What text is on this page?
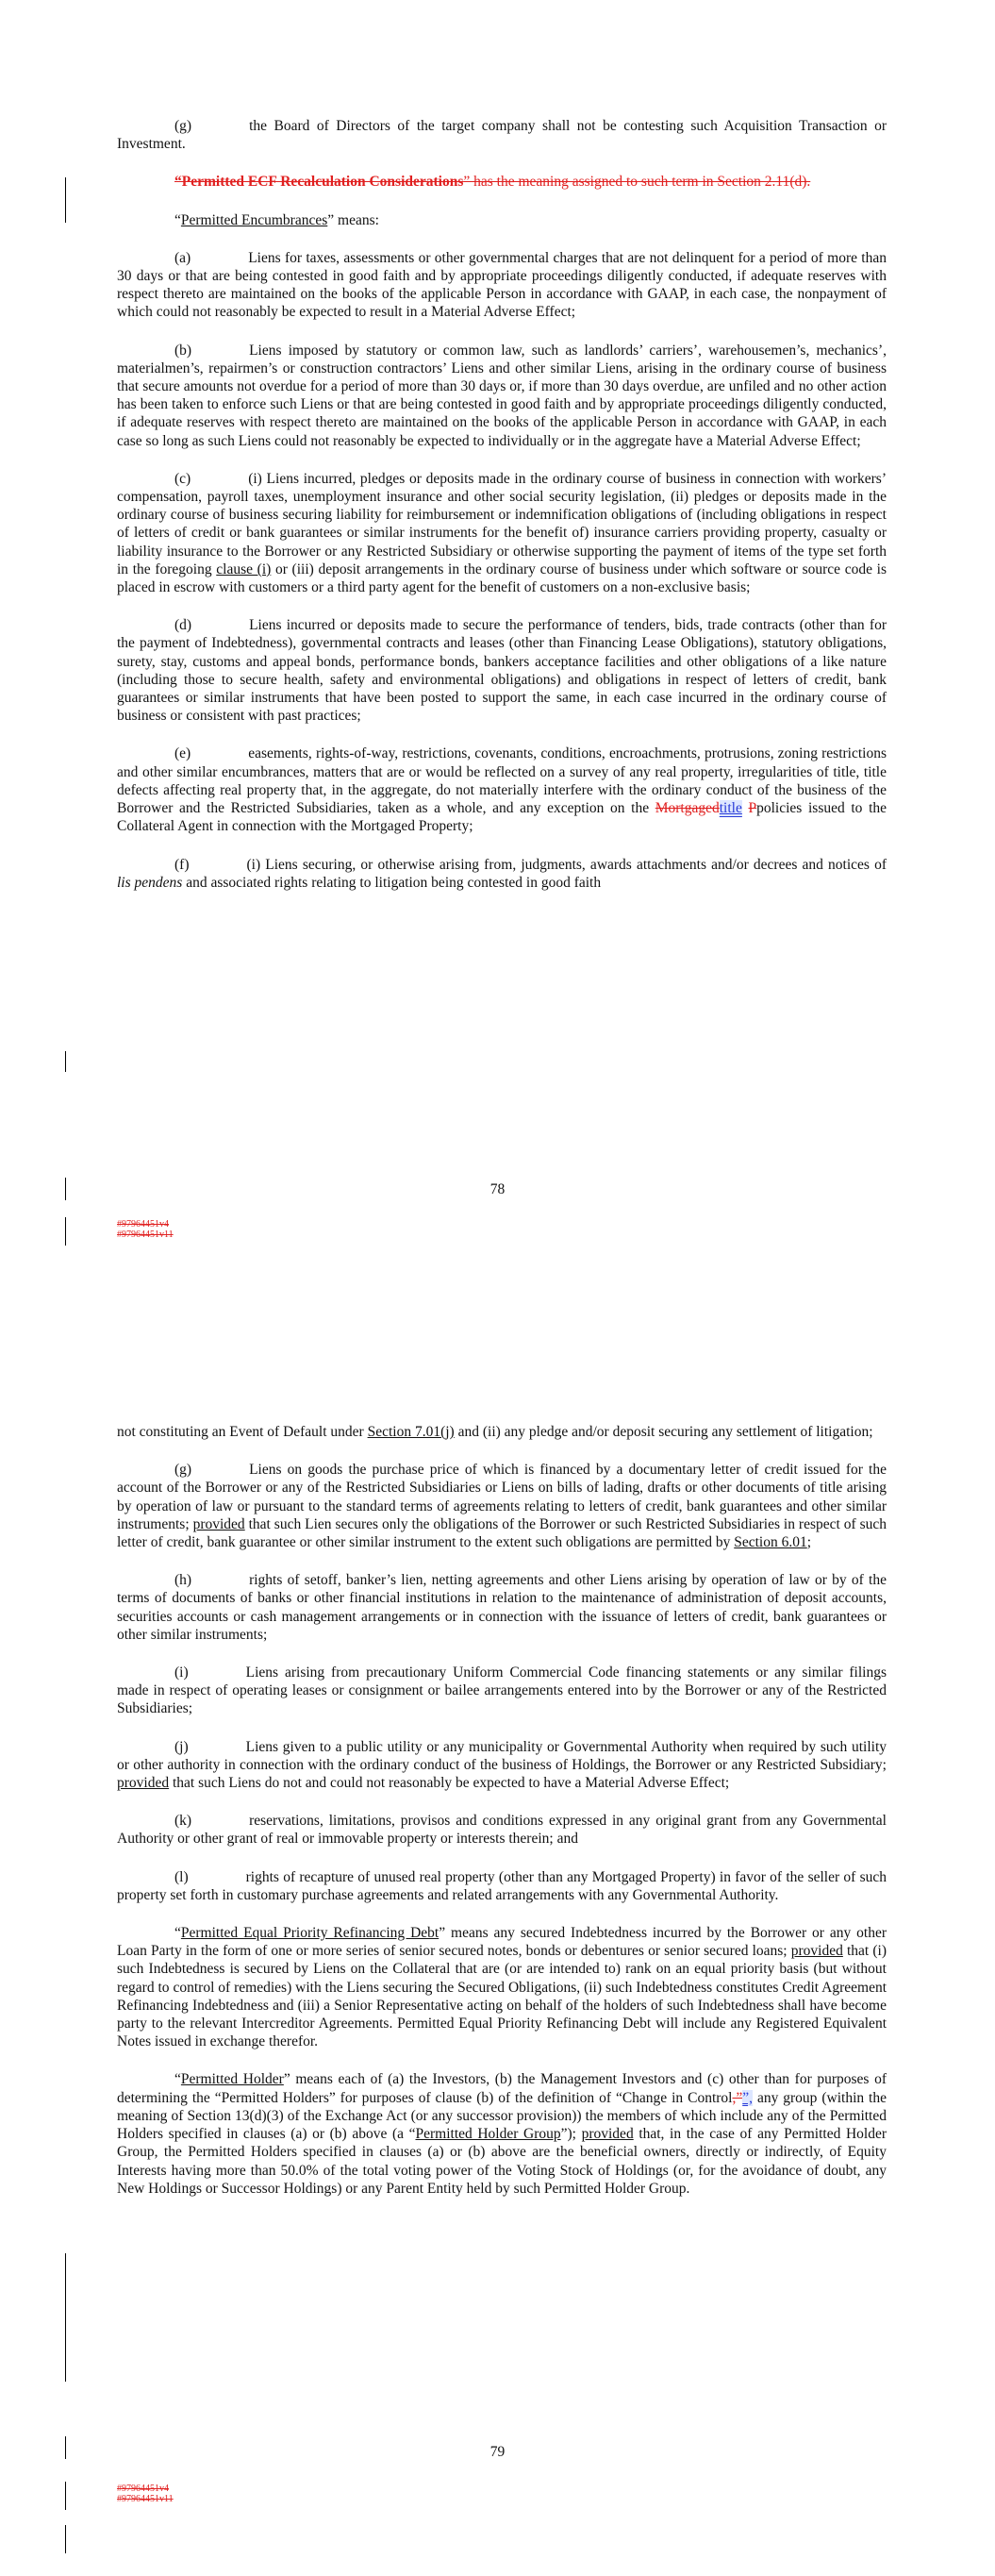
(g)	the Board of Directors of the target company shall not be contesting such Acquisition Transaction or Investment.

“Permitted ECF Recalculation Considerations” has the meaning assigned to such term in Section 2.11(d).

“Permitted Encumbrances” means:

(a)	Liens for taxes, assessments or other governmental charges that are not delinquent for a period of more than 30 days or that are being contested in good faith and by appropriate proceedings diligently conducted, if adequate reserves with respect thereto are maintained on the books of the applicable Person in accordance with GAAP, in each case, the nonpayment of which could not reasonably be expected to result in a Material Adverse Effect;

(b)	Liens imposed by statutory or common law, such as landlords’ carriers’, warehousemen’s, mechanics’, materialmen’s, repairmen’s or construction contractors’ Liens and other similar Liens, arising in the ordinary course of business that secure amounts not overdue for a period of more than 30 days or, if more than 30 days overdue, are unfiled and no other action has been taken to enforce such Liens or that are being contested in good faith and by appropriate proceedings diligently conducted, if adequate reserves with respect thereto are maintained on the books of the applicable Person in accordance with GAAP, in each case so long as such Liens could not reasonably be expected to individually or in the aggregate have a Material Adverse Effect;

(c)	(i) Liens incurred, pledges or deposits made in the ordinary course of business in connection with workers’ compensation, payroll taxes, unemployment insurance and other social security legislation, (ii) pledges or deposits made in the ordinary course of business securing liability for reimbursement or indemnification obligations of (including obligations in respect of letters of credit or bank guarantees or similar instruments for the benefit of) insurance carriers providing property, casualty or liability insurance to the Borrower or any Restricted Subsidiary or otherwise supporting the payment of items of the type set forth in the foregoing clause (i) or (iii) deposit arrangements in the ordinary course of business under which software or source code is placed in escrow with customers or a third party agent for the benefit of customers on a non-exclusive basis;

(d)	Liens incurred or deposits made to secure the performance of tenders, bids, trade contracts (other than for the payment of Indebtedness), governmental contracts and leases (other than Financing Lease Obligations), statutory obligations, surety, stay, customs and appeal bonds, performance bonds, bankers acceptance facilities and other obligations of a like nature (including those to secure health, safety and environmental obligations) and obligations in respect of letters of credit, bank guarantees or similar instruments that have been posted to support the same, in each case incurred in the ordinary course of business or consistent with past practices;

(e)	easements, rights-of-way, restrictions, covenants, conditions, encroachments, protrusions, zoning restrictions and other similar encumbrances, matters that are or would be reflected on a survey of any real property, irregularities of title, title defects affecting real property that, in the aggregate, do not materially interfere with the ordinary conduct of the business of the Borrower and the Restricted Subsidiaries, taken as a whole, and any exception on the Mortgagedtitle Ppolicies issued to the Collateral Agent in connection with the Mortgaged Property;

(f)	(i) Liens securing, or otherwise arising from, judgments, awards attachments and/or decrees and notices of lis pendens and associated rights relating to litigation being contested in good faith

78
#97964451v4
#97964451v11

not constituting an Event of Default under Section 7.01(j) and (ii) any pledge and/or deposit securing any settlement of litigation;

(g)	Liens on goods the purchase price of which is financed by a documentary letter of credit issued for the account of the Borrower or any of the Restricted Subsidiaries or Liens on bills of lading, drafts or other documents of title arising by operation of law or pursuant to the standard terms of agreements relating to letters of credit, bank guarantees and other similar instruments; provided that such Lien secures only the obligations of the Borrower or such Restricted Subsidiaries in respect of such letter of credit, bank guarantee or other similar instrument to the extent such obligations are permitted by Section 6.01;

(h)	rights of setoff, banker’s lien, netting agreements and other Liens arising by operation of law or by of the terms of documents of banks or other financial institutions in relation to the maintenance of administration of deposit accounts, securities accounts or cash management arrangements or in connection with the issuance of letters of credit, bank guarantees or other similar instruments;

(i)	Liens arising from precautionary Uniform Commercial Code financing statements or any similar filings made in respect of operating leases or consignment or bailee arrangements entered into by the Borrower or any of the Restricted Subsidiaries;

(j)	Liens given to a public utility or any municipality or Governmental Authority when required by such utility or other authority in connection with the ordinary conduct of the business of Holdings, the Borrower or any Restricted Subsidiary; provided that such Liens do not and could not reasonably be expected to have a Material Adverse Effect;

(k)	reservations, limitations, provisos and conditions expressed in any original grant from any Governmental Authority or other grant of real or immovable property or interests therein; and

(l)	rights of recapture of unused real property (other than any Mortgaged Property) in favor of the seller of such property set forth in customary purchase agreements and related arrangements with any Governmental Authority.

“Permitted Equal Priority Refinancing Debt” means any secured Indebtedness incurred by the Borrower or any other Loan Party in the form of one or more series of senior secured notes, bonds or debentures or senior secured loans; provided that (i) such Indebtedness is secured by Liens on the Collateral that are (or are intended to) rank on an equal priority basis (but without regard to control of remedies) with the Liens securing the Secured Obligations, (ii) such Indebtedness constitutes Credit Agreement Refinancing Indebtedness and (iii) a Senior Representative acting on behalf of the holders of such Indebtedness shall have become party to the relevant Intercreditor Agreements. Permitted Equal Priority Refinancing Debt will include any Registered Equivalent Notes issued in exchange therefor.

“Permitted Holder” means each of (a) the Investors, (b) the Management Investors and (c) other than for purposes of determining the “Permitted Holders” for purposes of clause (b) of the definition of “Change in Control,””, any group (within the meaning of Section 13(d)(3) of the Exchange Act (or any successor provision)) the members of which include any of the Permitted Holders specified in clauses (a) or (b) above (a “Permitted Holder Group”); provided that, in the case of any Permitted Holder Group, the Permitted Holders specified in clauses (a) or (b) above are the beneficial owners, directly or indirectly, of Equity Interests having more than 50.0% of the total voting power of the Voting Stock of Holdings (or, for the avoidance of doubt, any New Holdings or Successor Holdings) or any Parent Entity held by such Permitted Holder Group.

79
#97964451v4
#97964451v11
